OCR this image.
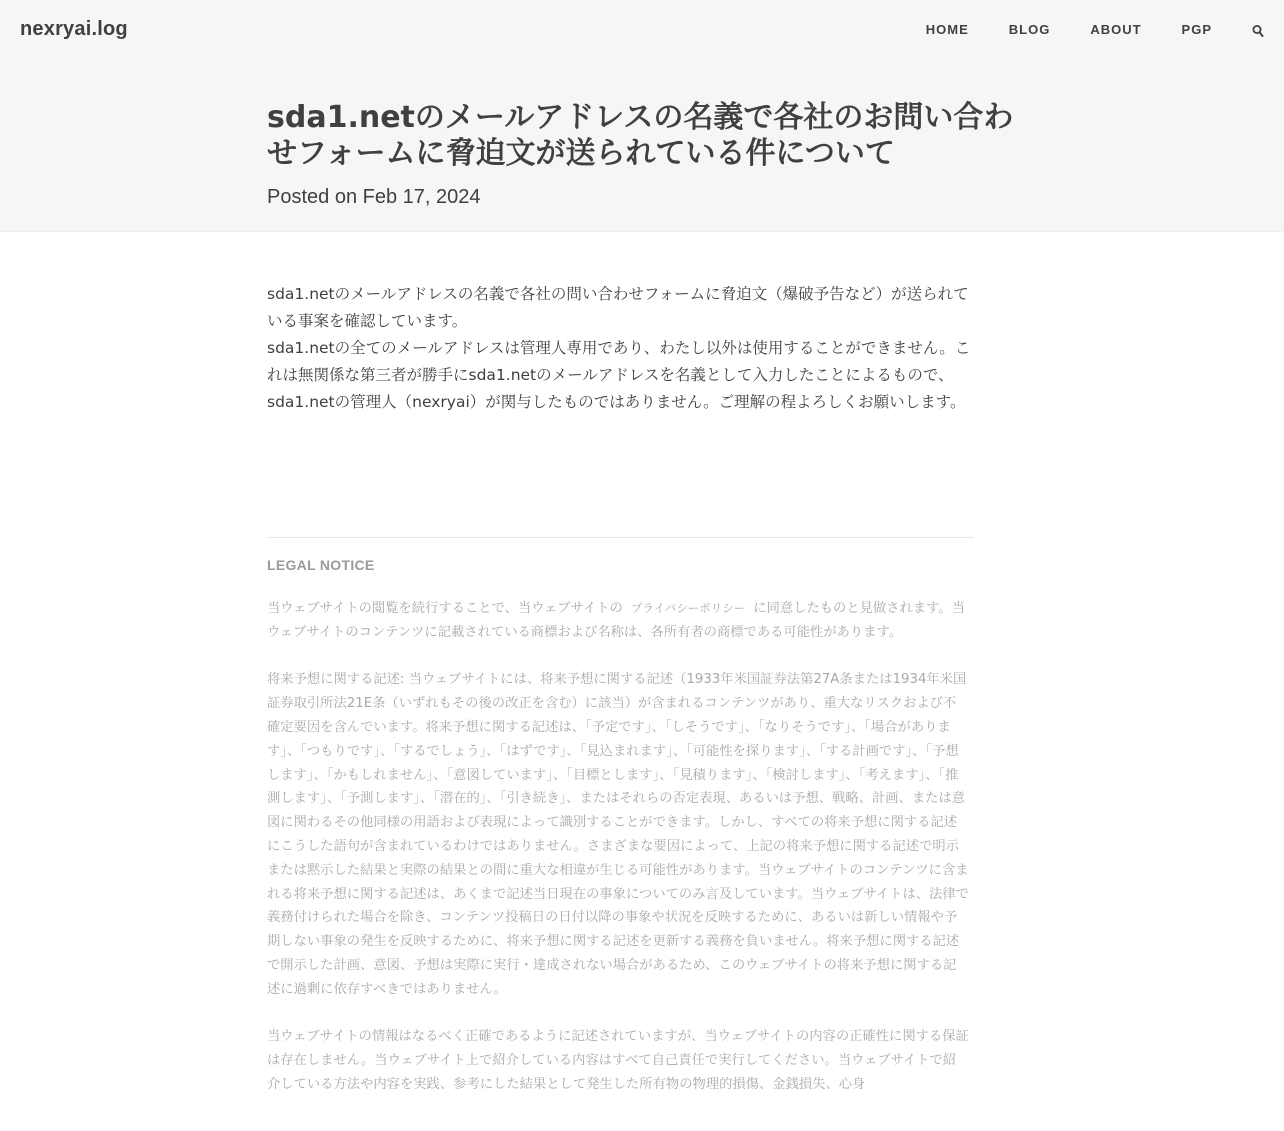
nexryai.log	HOME	BLOG	ABOUT	PGP
sda1.netのメールアドレスの名義で各社のお問い合わせフォームに脅迫文が送られている件について
Posted on Feb 17, 2024

sda1.netのメールアドレスの名義で各社の問い合わせフォームに脅迫文（爆破予告など）が送られている事案を確認しています。

sda1.netの全てのメールアドレスは管理人専用であり、わたし以外は使用することができません。これは無関係な第三者が勝手にsda1.netのメールアドレスを名義として入力したことによるもので、sda1.netの管理人（nexryai）が関与したものではありません。ご理解の程よろしくお願いします。

LEGAL NOTICE

当ウェブサイトの閲覧を続行することで、当ウェブサイトの プライバシーポリシー に同意したものと見做されます。当ウェブサイトのコンテンツに記載されている商標および名称は、各所有者の商標である可能性があります。

将来予想に関する記述: 当ウェブサイトには、将来予想に関する記述（1933年米国証券法第27A条または1934年米国証券取引所法21E条（いずれもその後の改正を含む）に該当）が含まれるコンテンツがあり、重大なリスクおよび不確定要因を含んでいます。将来予想に関する記述は、「予定です」、「しそうです」、「なりそうです」、「場合があります」、「つもりです」、「するでしょう」、「はずです」、「見込まれます」、「可能性を探ります」、「する計画です」、「予想します」、「かもしれません」、「意図しています」、「目標とします」、「見積ります」、「検討します」、「考えます」、「推測します」、「予測します」、「潜在的」、「引き続き」、またはそれらの否定表現、あるいは予想、戦略、計画、または意図に関わるその他同様の用語および表現によって識別することができます。しかし、すべての将来予想に関する記述にこうした語句が含まれているわけではありません。さまざまな要因によって、上記の将来予想に関する記述で明示または黙示した結果と実際の結果との間に重大な相違が生じる可能性があります。当ウェブサイトのコンテンツに含まれる将来予想に関する記述は、あくまで記述当日現在の事象についてのみ言及しています。当ウェブサイトは、法律で義務付けられた場合を除き、コンテンツ投稿日の日付以降の事象や状況を反映するために、あるいは新しい情報や予期しない事象の発生を反映するために、将来予想に関する記述を更新する義務を負いません。将来予想に関する記述で開示した計画、意図、予想は実際に実行・達成されない場合があるため、このウェブサイトの将来予想に関する記述に過剰に依存すべきではありません。

当ウェブサイトの情報はなるべく正確であるように記述されていますが、当ウェブサイトの内容の正確性に関する保証は存在しません。当ウェブサイト上で紹介している内容はすべて自己責任で実行してください。当ウェブサイトで紹介している方法や内容を実践、参考にした結果として発生した所有物の物理的損傷、金銭損失、心身
